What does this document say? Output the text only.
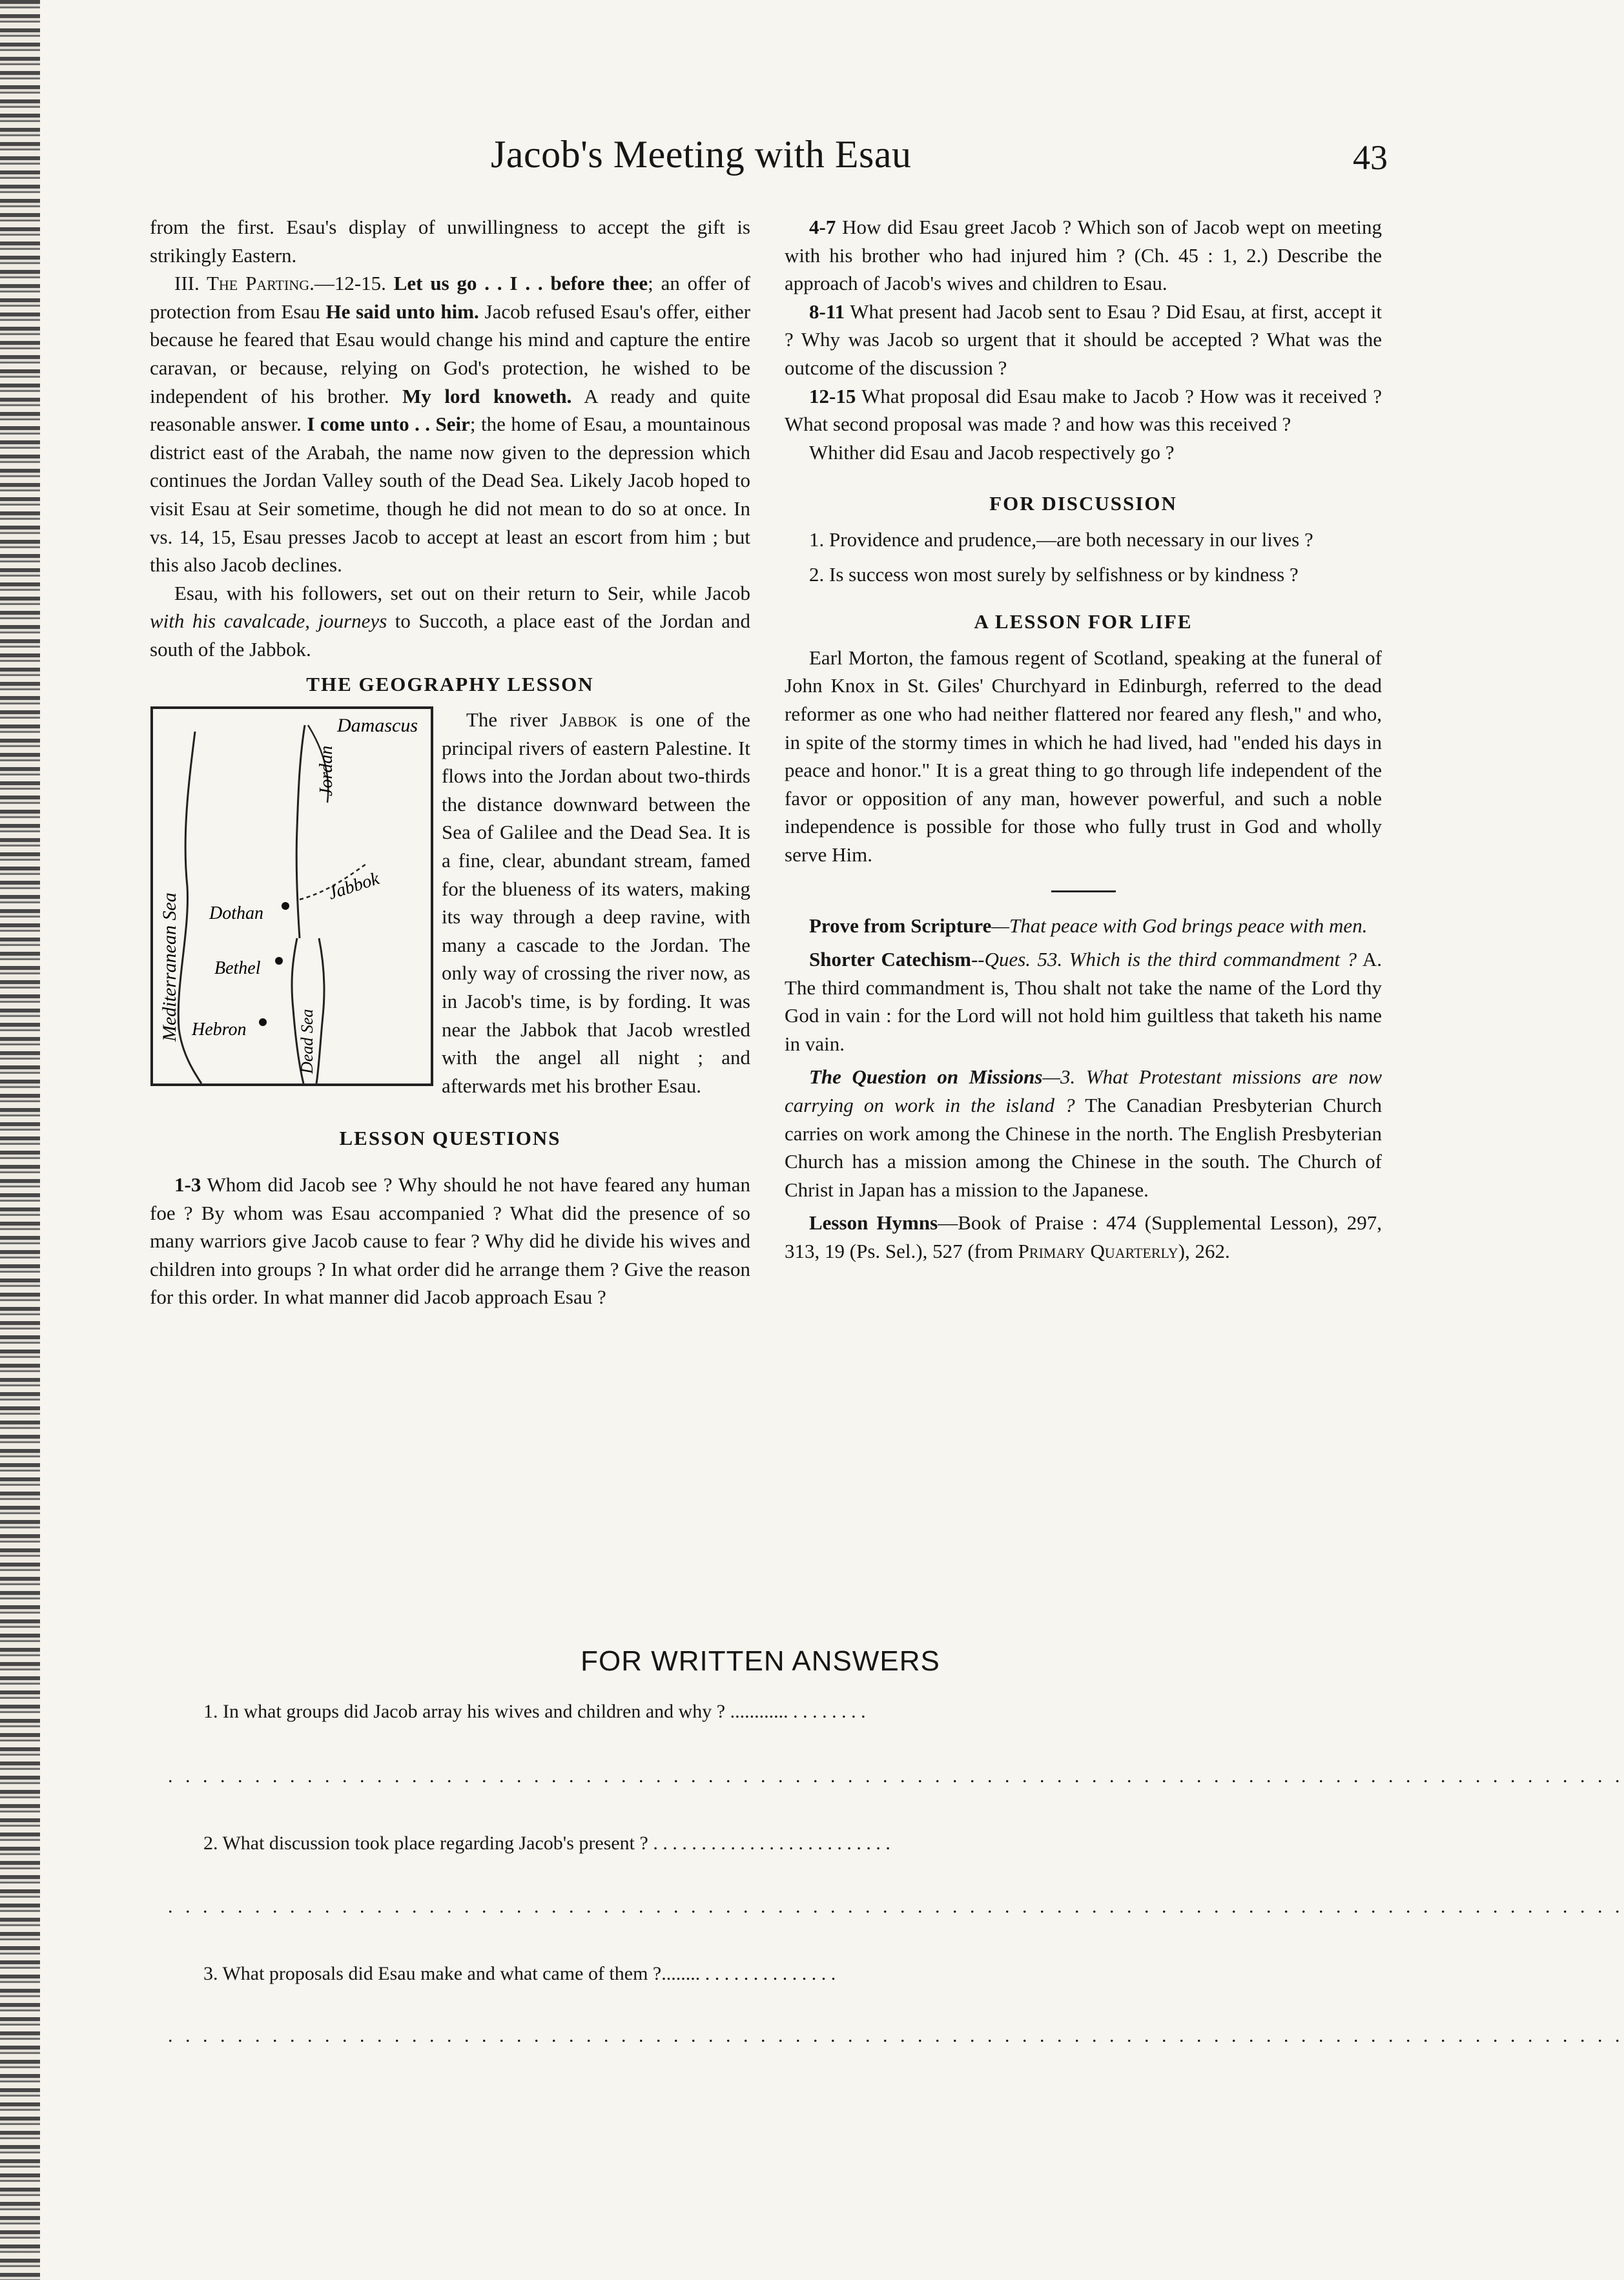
Jacob's Meeting with Esau	43

from the first. Esau's display of unwillingness to accept the gift is strikingly Eastern.

III. The Parting.—12-15. Let us go . . I . . before thee; an offer of protection from Esau He said unto him. Jacob refused Esau's offer, either because he feared that Esau would change his mind and capture the entire caravan, or because, relying on God's protection, he wished to be independent of his brother. My lord knoweth. A ready and quite reasonable answer. I come unto . . Seir; the home of Esau, a mountainous district east of the Arabah, the name now given to the depression which continues the Jordan Valley south of the Dead Sea. Likely Jacob hoped to visit Esau at Seir sometime, though he did not mean to do so at once. In vs. 14, 15, Esau presses Jacob to accept at least an escort from him ; but this also Jacob declines.

Esau, with his followers, set out on their return to Seir, while Jacob with his cavalcade, journeys to Succoth, a place east of the Jordan and south of the Jabbok.

THE GEOGRAPHY LESSON
Damascus
Jordan
Jabbok
Mediterranean Sea Dothan
Bethel
Hebron	Dead Sea

The river Jabbok is one of the principal rivers of eastern Palestine. It flows into the Jordan about two-thirds the distance downward between the Sea of Galilee and the Dead Sea. It is a fine, clear, abundant stream, famed for the blueness of its waters, making its way through a deep ravine, with many a cascade to the Jordan. The only way of crossing the river now, as in Jacob's time, is by fording. It was near the Jabbok that Jacob wrestled with the angel all night ; and afterwards met his brother Esau.

LESSON QUESTIONS

1-3 Whom did Jacob see ? Why should he not have feared any human foe ? By whom was Esau accompanied ? What did the presence of so many warriors give Jacob cause to fear ? Why did he divide his wives and children into groups ? In what order did he arrange them ? Give the reason for this order. In what manner did Jacob approach Esau ?

4-7 How did Esau greet Jacob ? Which son of Jacob wept on meeting with his brother who had injured him ? (Ch. 45 : 1, 2.) Describe the approach of Jacob's wives and children to Esau.

8-11 What present had Jacob sent to Esau ? Did Esau, at first, accept it ? Why was Jacob so urgent that it should be accepted ? What was the outcome of the discussion ?

12-15 What proposal did Esau make to Jacob ? How was it received ? What second proposal was made ? and how was this received ?

Whither did Esau and Jacob respectively go ?

FOR DISCUSSION

1. Providence and prudence,—are both necessary in our lives ?

2. Is success won most surely by selfishness or by kindness ?

A LESSON FOR LIFE

Earl Morton, the famous regent of Scotland, speaking at the funeral of John Knox in St. Giles' Churchyard in Edinburgh, referred to the dead reformer as one who had neither flattered nor feared any flesh," and who, in spite of the stormy times in which he had lived, had "ended his days in peace and honor." It is a great thing to go through life independent of the favor or opposition of any man, however powerful, and such a noble independence is possible for those who fully trust in God and wholly serve Him.

Prove from Scripture—That peace with God brings peace with men.

Shorter Catechism--Ques. 53. Which is the third commandment ? A. The third commandment is, Thou shalt not take the name of the Lord thy God in vain : for the Lord will not hold him guiltless that taketh his name in vain.

The Question on Missions—3. What Protestant missions are now carrying on work in the island ? The Canadian Presbyterian Church carries on work among the Chinese in the north. The English Presbyterian Church has a mission among the Chinese in the south. The Church of Christ in Japan has a mission to the Japanese.

Lesson Hymns—Book of Praise : 474 (Supplemental Lesson), 297, 313, 19 (Ps. Sel.), 527 (from Primary Quarterly), 262.

FOR WRITTEN ANSWERS
1. In what groups did Jacob array his wives and children and why ? ............ . . . . . . . .
. . . . . . . . . . . . . . . . . . . . . . . . . . . . . . . . . . . . . . . . . . . . . . . . . . . . . . . . . . . . . . . . . . . . . . . . . . . . . . . . . . . .
2. What discussion took place regarding Jacob's present ? . . . . . . . . . . . . . . . . . . . . . . . . .
. . . . . . . . . . . . . . . . . . . . . . . . . . . . . . . . . . . . . . . . . . . . . . . . . . . . . . . . . . . . . . . . . . . . . . . . . . . . . . . . . . . .
3. What proposals did Esau make and what came of them ?........ . . . . . . . . . . . . . .
. . . . . . . . . . . . . . . . . . . . . . . . . . . . . . . . . . . . . . . . . . . . . . . . . . . . . . . . . . . . . . . . . . . . . . . . . . . . . . . . . . . .
